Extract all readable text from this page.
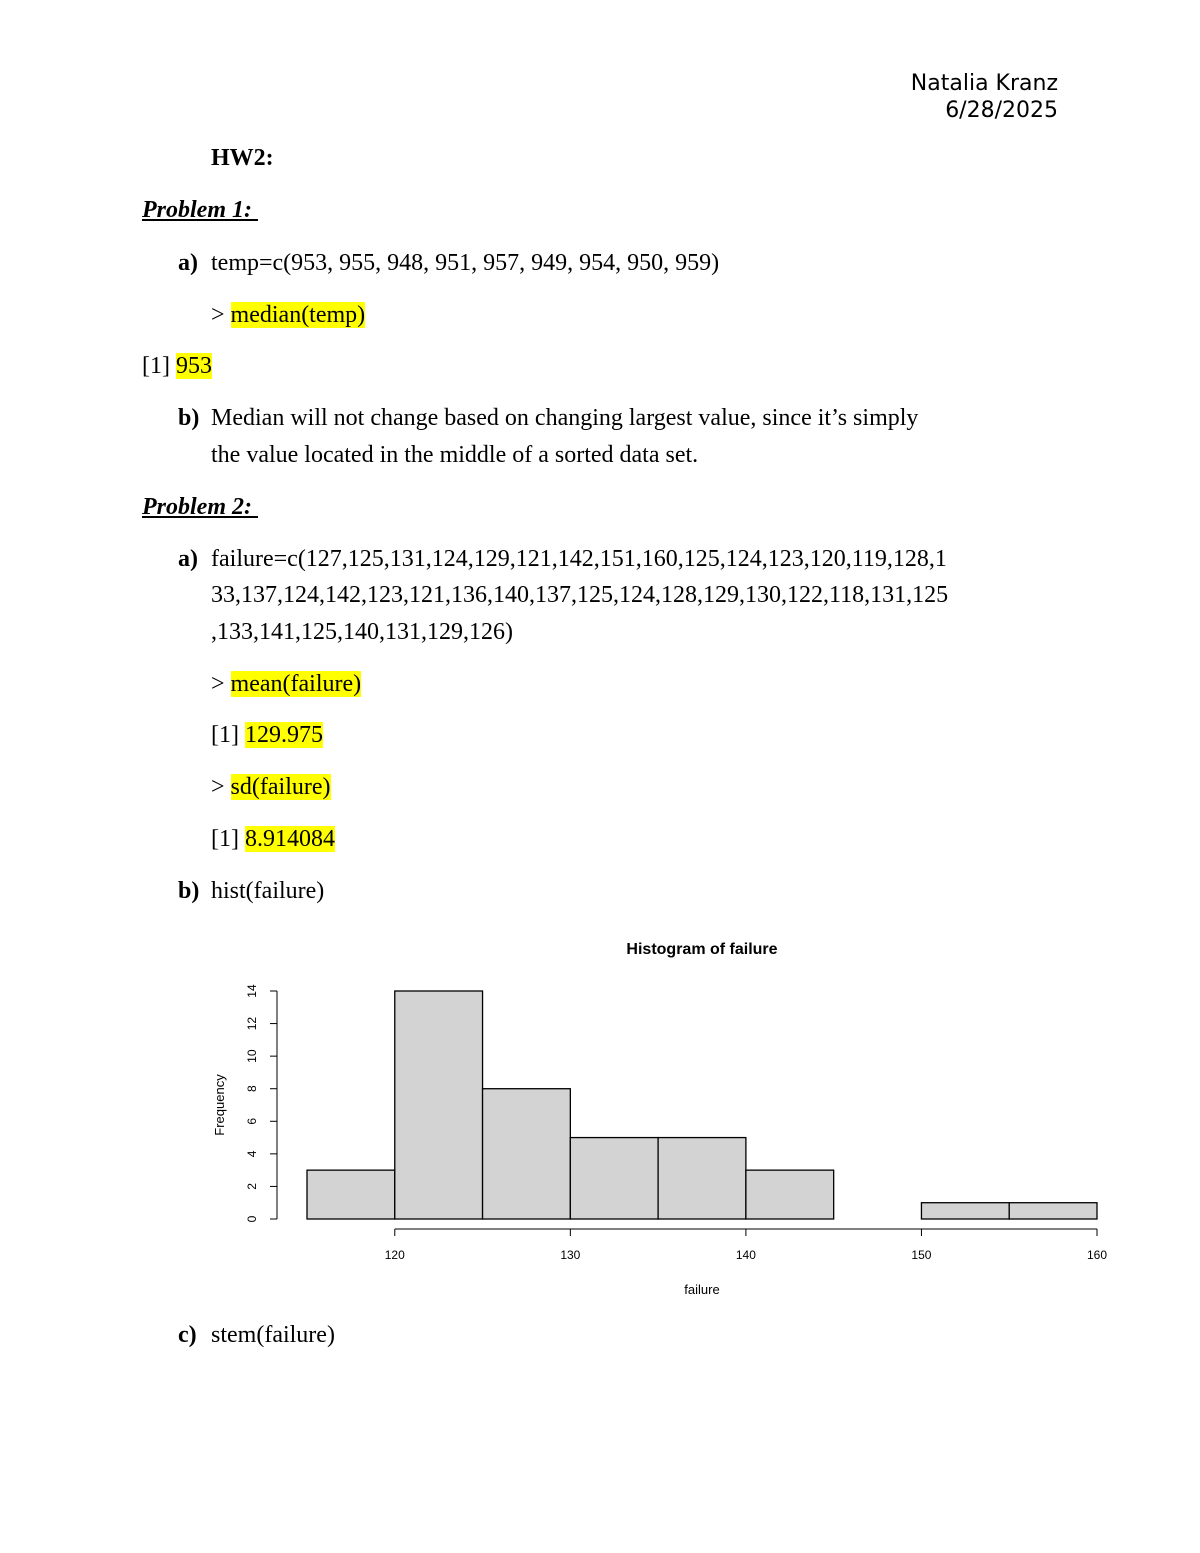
Natalia Kranz
6/28/2025
HW2:
Problem 1:
a) temp=c(953, 955, 948, 951, 957, 949, 954, 950, 959)
> median(temp)
[1] 953
b) Median will not change based on changing largest value, since it’s simply
the value located in the middle of a sorted data set.
Problem 2:
a) failure=c(127,125,131,124,129,121,142,151,160,125,124,123,120,119,128,1
33,137,124,142,123,121,136,140,137,125,124,128,129,130,122,118,131,125
,133,141,125,140,131,129,126)
> mean(failure)
[1] 129.975
> sd(failure)
[1] 8.914084
b) hist(failure)
Histogram of failure
0
2
4
6
8
10
12
14
Frequency
120	130	140	150	160
failure
c) stem(failure)
